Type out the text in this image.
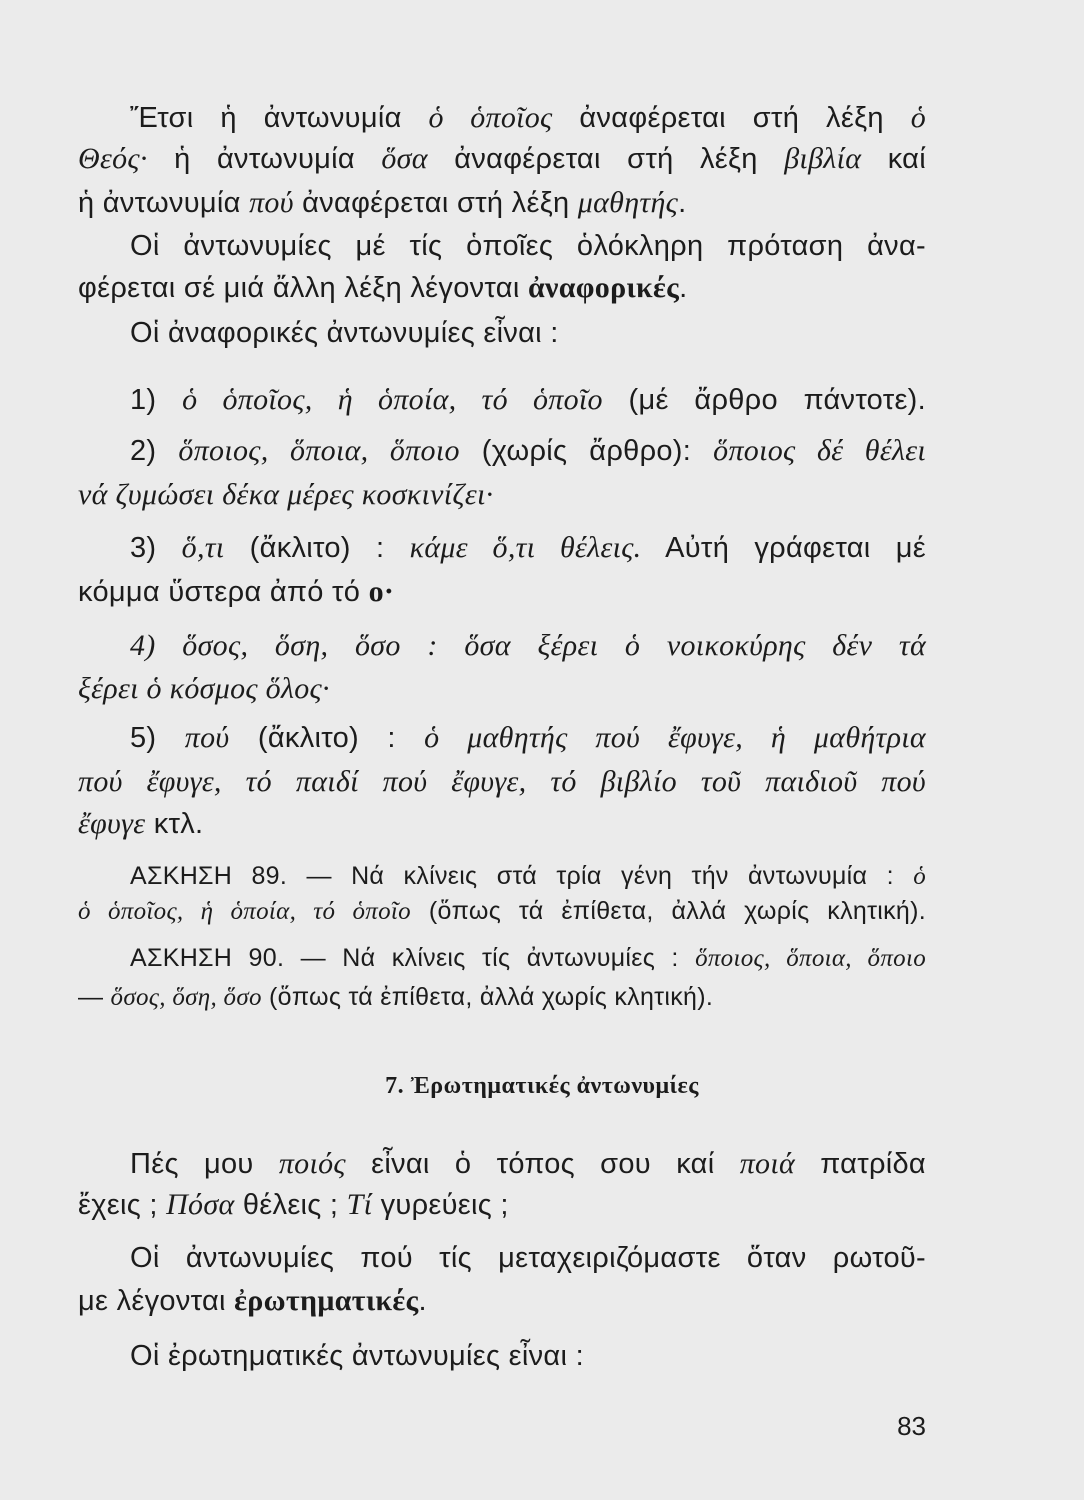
Ἔτσι ἡ ἀντωνυμία ὁ ὁποῖος ἀναφέρεται στή λέξη ὁ
Θεός· ἡ ἀντωνυμία ὅσα ἀναφέρεται στή λέξη βιβλία καί
ἡ ἀντωνυμία πού ἀναφέρεται στή λέξη μαθητής.
Οἱ ἀντωνυμίες μέ τίς ὁποῖες ὁλόκληρη πρόταση ἀνα-
φέρεται σέ μιά ἄλλη λέξη λέγονται ἀναφορικές.
Οἱ ἀναφορικές ἀντωνυμίες εἶναι :
1) ὁ ὁποῖος, ἡ ὁποία, τό ὁποῖο (μέ ἄρθρο πάντοτε).
2) ὅποιος, ὅποια, ὅποιο (χωρίς ἄρθρο): ὅποιος δέ θέλει
νά ζυμώσει δέκα μέρες κοσκινίζει·
3) ὅ,τι (ἄκλιτο) : κάμε ὅ,τι θέλεις. Αὐτή γράφεται μέ
κόμμα ὕστερα ἀπό τό ο·
4) ὅσος, ὅση, ὅσο : ὅσα ξέρει ὁ νοικοκύρης δέν τά
ξέρει ὁ κόσμος ὅλος·
5) πού (ἄκλιτο) : ὁ μαθητής πού ἔφυγε, ἡ μαθήτρια
πού ἔφυγε, τό παιδί πού ἔφυγε, τό βιβλίο τοῦ παιδιοῦ πού
ἔφυγε κτλ.
ΑΣΚΗΣΗ 89. — Νά κλίνεις στά τρία γένη τήν ἀντωνυμία : ὁ
ὁ ὁποῖος, ἡ ὁποία, τό ὁποῖο (ὅπως τά ἐπίθετα, ἀλλά χωρίς κλητική).
ΑΣΚΗΣΗ 90. — Νά κλίνεις τίς ἀντωνυμίες : ὅποιος, ὅποια, ὅποιο
— ὅσος, ὅση, ὅσο (ὅπως τά ἐπίθετα, ἀλλά χωρίς κλητική).
7. Ἐρωτηματικές ἀντωνυμίες
Πές μου ποιός εἶναι ὁ τόπος σου καί ποιά πατρίδα
ἔχεις ; Πόσα θέλεις ; Τί γυρεύεις ;
Οἱ ἀντωνυμίες πού τίς μεταχειριζόμαστε ὅταν ρωτοῦ-
με λέγονται ἐρωτηματικές.
Οἱ ἐρωτηματικές ἀντωνυμίες εἶναι :
83
